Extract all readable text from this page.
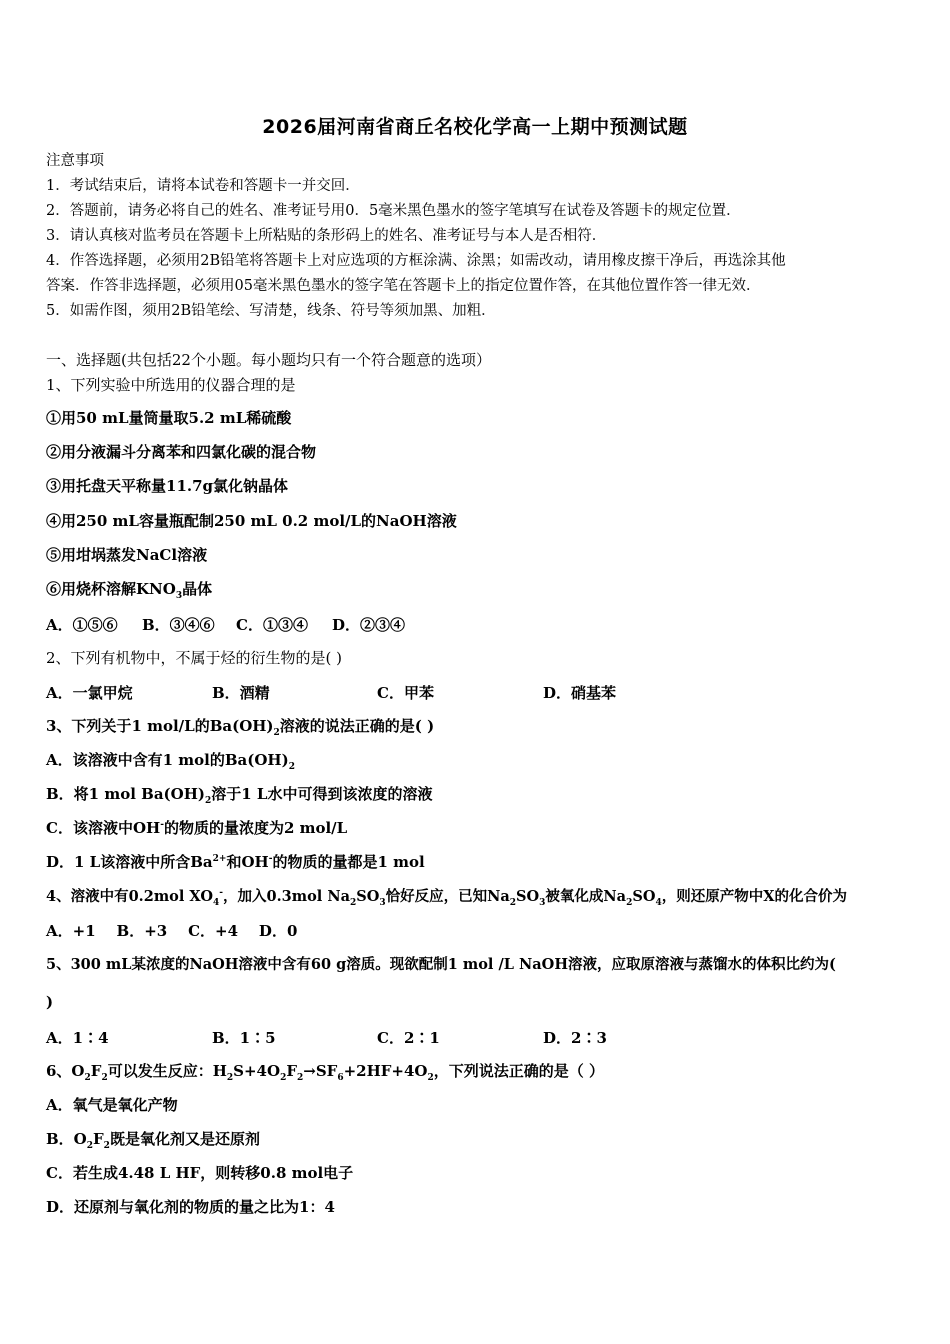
2026届河南省商丘名校化学高一上期中预测试题
注意事项
1．考试结束后，请将本试卷和答题卡一并交回．
2．答题前，请务必将自己的姓名、准考证号用0．5毫米黑色墨水的签字笔填写在试卷及答题卡的规定位置．
3．请认真核对监考员在答题卡上所粘贴的条形码上的姓名、准考证号与本人是否相符．
4．作答选择题，必须用2B铅笔将答题卡上对应选项的方框涂满、涂黑；如需改动，请用橡皮擦干净后，再选涂其他
答案．作答非选择题，必须用05毫米黑色墨水的签字笔在答题卡上的指定位置作答，在其他位置作答一律无效．
5．如需作图，须用2B铅笔绘、写清楚，线条、符号等须加黑、加粗．
一、选择题(共包括22个小题。每小题均只有一个符合题意的选项）
1、下列实验中所选用的仪器合理的是
①用50 mL量筒量取5.2 mL稀硫酸
②用分液漏斗分离苯和四氯化碳的混合物
③用托盘天平称量11.7g氯化钠晶体
④用250 mL容量瓶配制250 mL 0.2 mol/L的NaOH溶液
⑤用坩埚蒸发NaCl溶液
⑥用烧杯溶解$KNO_3$晶体
A．①⑤⑥ B．③④⑥ C．①③④ D．②③④
2、下列有机物中，不属于烃的衍生物的是( )
A．一氯甲烷	B．酒精	C．甲苯	D．硝基苯
3、下列关于1 mol/L的$Ba(OH)_2$溶液的说法正确的是( )
A．该溶液中含有1 mol的$Ba(OH)_2$
B．将1 mol $Ba(OH)_2$溶于1 L水中可得到该浓度的溶液
C．该溶液中OH-的物质的量浓度为2 mol/L
D．1 L该溶液中所含$Ba^{2+}$和OH-的物质的量都是1 mol
4、溶液中有0.2mol $XO_4^-$，加入0.3mol $Na_2SO_3$恰好反应，已知$Na_2SO_3$被氧化成$Na_2SO_4$，则还原产物中X的化合价为
A．+1    B．+3    C．+4    D．0
5、300 mL某浓度的NaOH溶液中含有60 g溶质。现欲配制1 mol /L NaOH溶液，应取原溶液与蒸馏水的体积比约为(
)
A．1∶4	B．1∶5	C．2∶1	D．2∶3
6、$O_2F_2$可以发生反应：$H_2S+4O_2F_2\to SF_6+2HF+4O_2$，下列说法正确的是（ ）
A．氧气是氧化产物
B．$O_2F_2$既是氧化剂又是还原剂
C．若生成4.48 L HF，则转移0.8 mol电子
D．还原剂与氧化剂的物质的量之比为1：4
